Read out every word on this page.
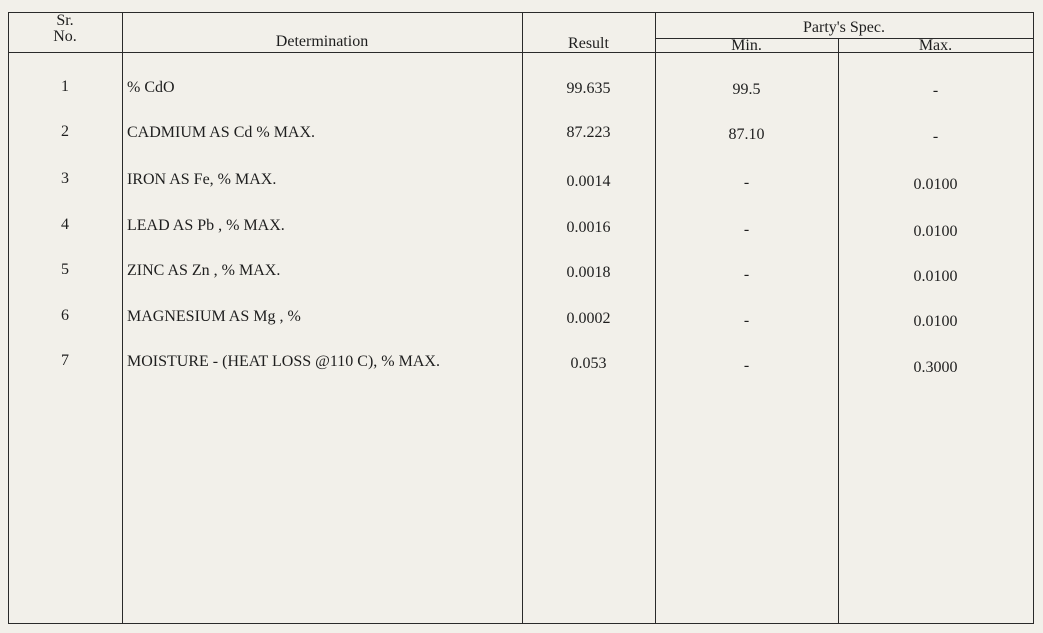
Sr.
No.	Determination	Result
Party's Spec.
Min.	Max.
1	% CdO	99.635	99.5	-
2	CADMIUM AS Cd % MAX.	87.223	87.10	-
3	IRON AS Fe, % MAX.	0.0014	-	0.0100
4	LEAD AS Pb , % MAX.	0.0016	-	0.0100
5	ZINC AS Zn , % MAX.	0.0018	-	0.0100
6	MAGNESIUM AS Mg , %	0.0002	-	0.0100
7	MOISTURE - (HEAT LOSS @110 C), % MAX.	0.053	-	0.3000
